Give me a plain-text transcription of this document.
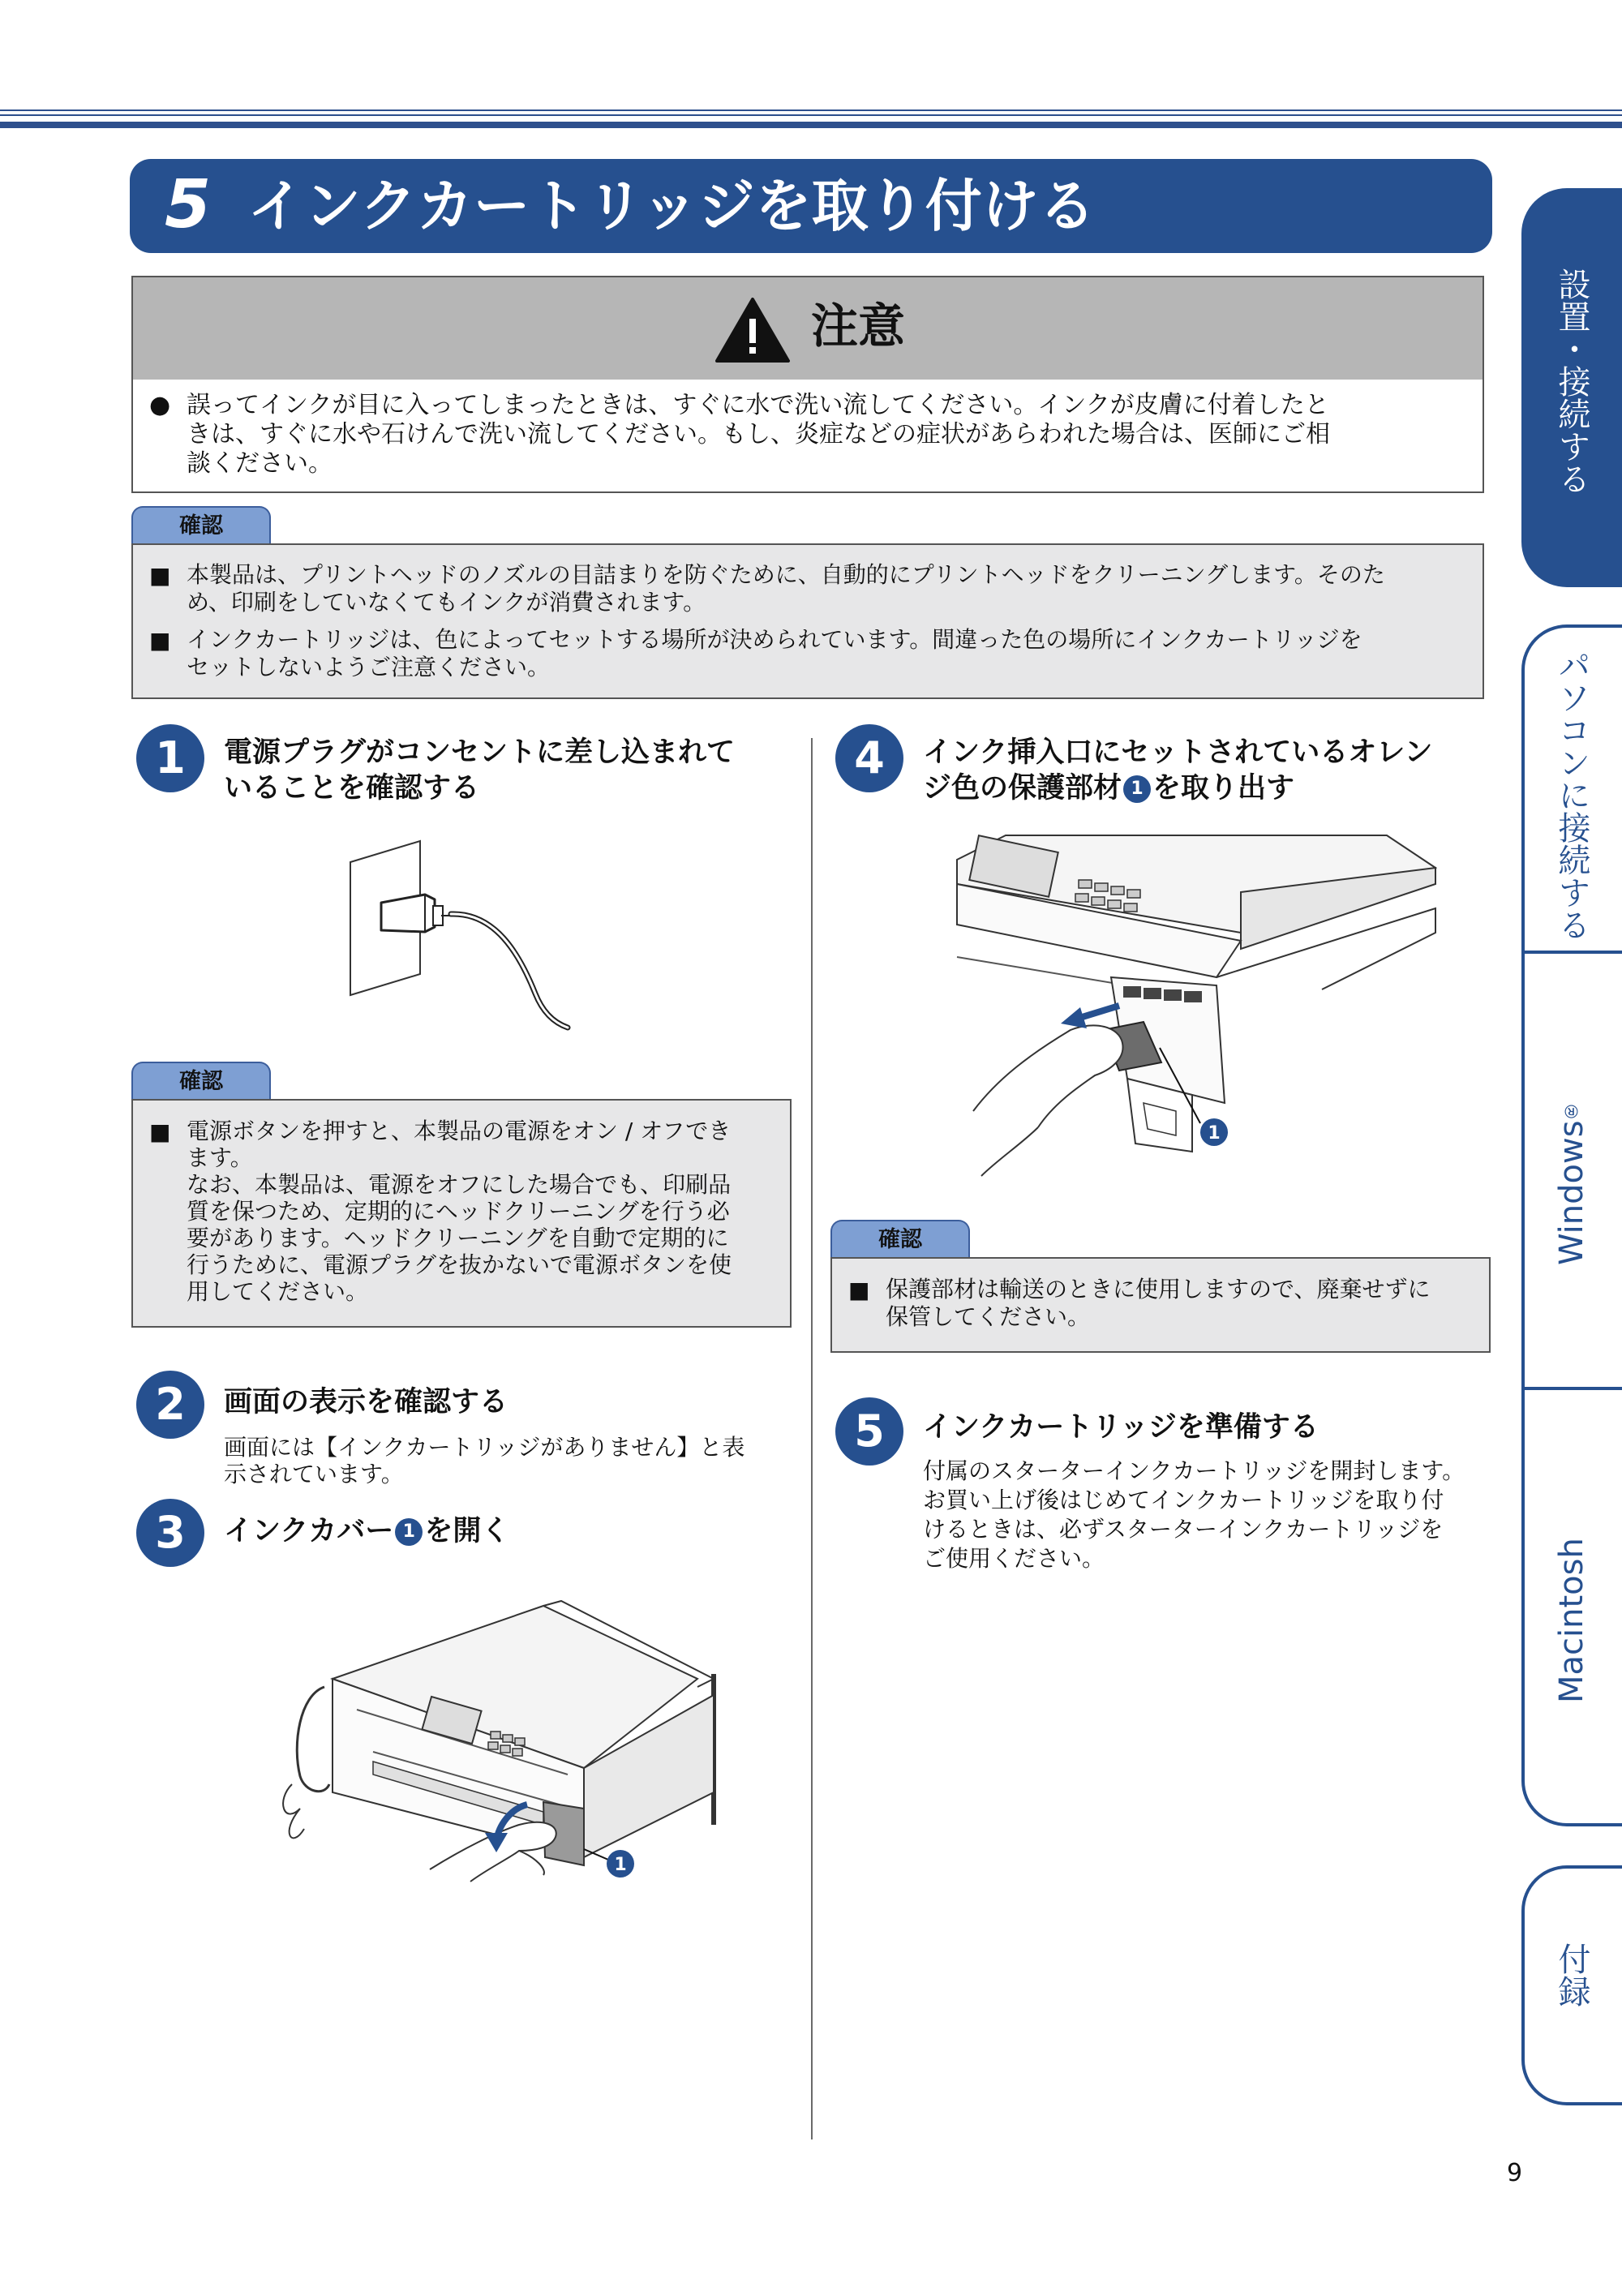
5 インクカートリッジを取り付ける
注意
● 誤ってインクが目に入ってしまったときは、すぐに水で洗い流してください。インクが皮膚に付着したと
きは、すぐに水や石けんで洗い流してください。もし、炎症などの症状があらわれた場合は、医師にご相
談ください。
確認
■ 本製品は、プリントヘッドのノズルの目詰まりを防ぐために、自動的にプリントヘッドをクリーニングします。そのた
め、印刷をしていなくてもインクが消費されます。
■ インクカートリッジは、色によってセットする場所が決められています。間違った色の場所にインクカートリッジを
セットしないようご注意ください。
1	電源プラグがコンセントに差し込まれて
いることを確認する
確認
■ 電源ボタンを押すと、本製品の電源をオン / オフでき
ます。
なお、本製品は、電源をオフにした場合でも、印刷品
質を保つため、定期的にヘッドクリーニングを行う必
要があります。ヘッドクリーニングを自動で定期的に
行うために、電源プラグを抜かないで電源ボタンを使
用してください。
2	画面の表示を確認する
画面には【インクカートリッジがありません】と表
示されています。
3	インクカバー 1 を開く
1
4	インク挿入口にセットされているオレン
ジ色の保護部材 1 を取り出す
1
確認
■ 保護部材は輸送のときに使用しますので、廃棄せずに
保管してください。
5	インクカートリッジを準備する
付属のスターターインクカートリッジを開封します。
お買い上げ後はじめてインクカートリッジを取り付
けるときは、必ずスターターインクカートリッジを
ご使用ください。
設置・接続する
パソコンに接続する
Windows®
Macintosh
付録
9
